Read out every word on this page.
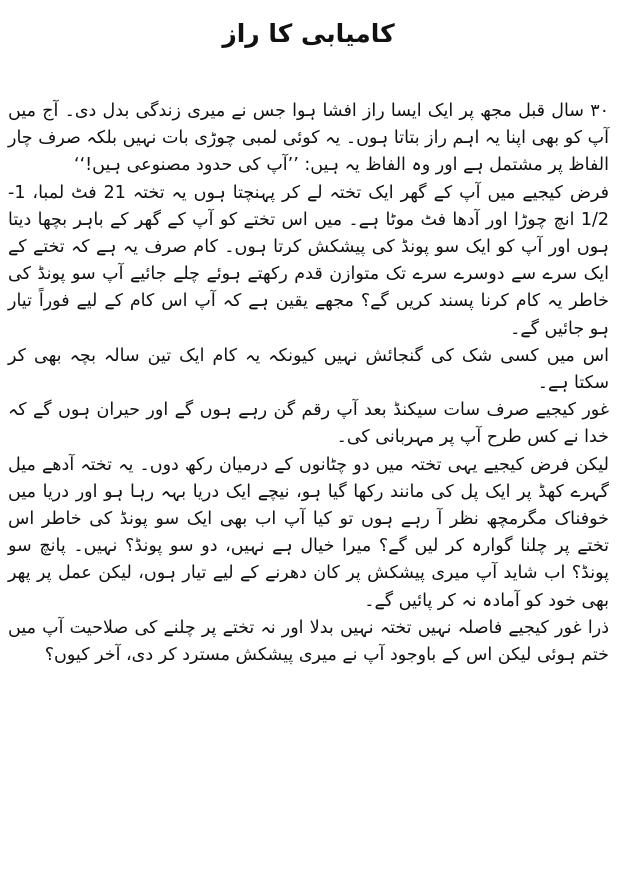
کامیابی کا راز

۳۰ سال قبل مجھ پر ایک ایسا راز افشا ہوا جس نے میری زندگی بدل دی۔ آج میں آپ کو بھی اپنا یہ اہم راز بتاتا ہوں۔ یہ کوئی لمبی چوڑی بات نہیں بلکہ صرف چار الفاظ پر مشتمل ہے اور وہ الفاظ یہ ہیں: ’’آپ کی حدود مصنوعی ہیں!‘‘

فرض کیجیے میں آپ کے گھر ایک تختہ لے کر پہنچتا ہوں یہ تختہ 21 فٹ لمبا، 1-1/2 انچ چوڑا اور آدھا فٹ موٹا ہے۔ میں اس تختے کو آپ کے گھر کے باہر بچھا دیتا ہوں اور آپ کو ایک سو پونڈ کی پیشکش کرتا ہوں۔ کام صرف یہ ہے کہ تختے کے ایک سرے سے دوسرے سرے تک متوازن قدم رکھتے ہوئے چلے جائیے آپ سو پونڈ کی خاطر یہ کام کرنا پسند کریں گے؟ مجھے یقین ہے کہ آپ اس کام کے لیے فوراً تیار ہو جائیں گے۔

اس میں کسی شک کی گنجائش نہیں کیونکہ یہ کام ایک تین سالہ بچہ بھی کر سکتا ہے۔

غور کیجیے صرف سات سیکنڈ بعد آپ رقم گن رہے ہوں گے اور حیران ہوں گے کہ خدا نے کس طرح آپ پر مہربانی کی۔

لیکن فرض کیجیے یہی تختہ میں دو چٹانوں کے درمیان رکھ دوں۔ یہ تختہ آدھے میل گہرے کھڈ پر ایک پل کی مانند رکھا گیا ہو، نیچے ایک دریا بہہ رہا ہو اور دریا میں خوفناک مگرمچھ نظر آ رہے ہوں تو کیا آپ اب بھی ایک سو پونڈ کی خاطر اس تختے پر چلنا گوارہ کر لیں گے؟ میرا خیال ہے نہیں، دو سو پونڈ؟ نہیں۔ پانچ سو پونڈ؟ اب شاید آپ میری پیشکش پر کان دھرنے کے لیے تیار ہوں، لیکن عمل پر پھر بھی خود کو آمادہ نہ کر پائیں گے۔

ذرا غور کیجیے فاصلہ نہیں تختہ نہیں بدلا اور نہ تختے پر چلنے کی صلاحیت آپ میں ختم ہوئی لیکن اس کے باوجود آپ نے میری پیشکش مسترد کر دی، آخر کیوں؟
